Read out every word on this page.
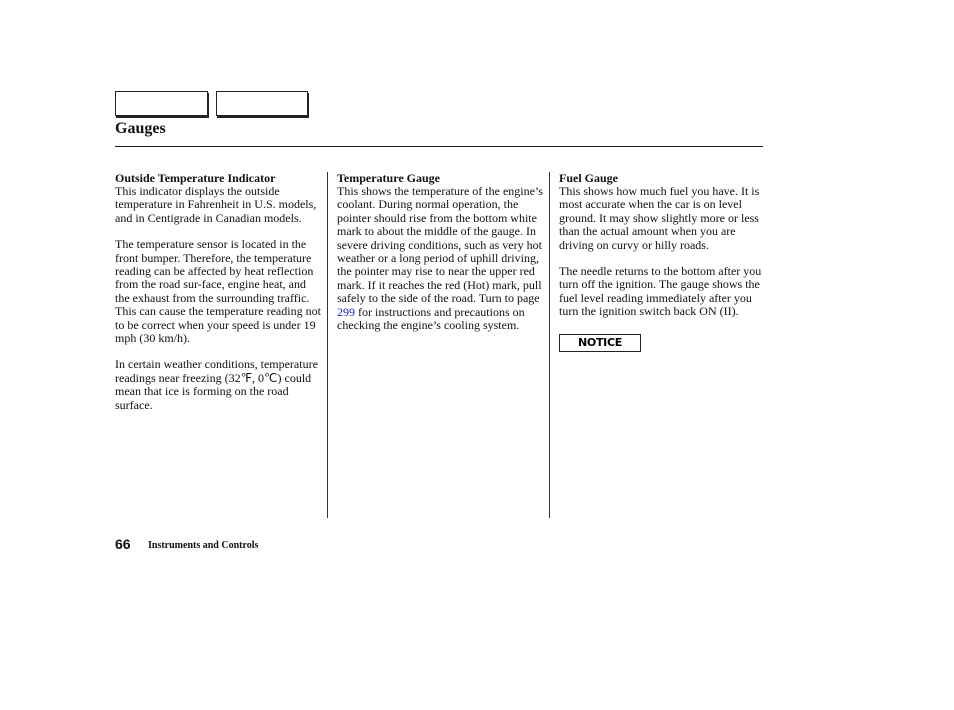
Gauges
Outside Temperature Indicator

This indicator displays the outside temperature in Fahrenheit in U.S. models, and in Centigrade in Canadian models.

The temperature sensor is located in the front bumper. Therefore, the temperature reading can be affected by heat reflection from the road sur-face, engine heat, and the exhaust from the surrounding traffic. This can cause the temperature reading not to be correct when your speed is under 19 mph (30 km/h).

In certain weather conditions, temperature readings near freezing (32℉, 0℃) could mean that ice is forming on the road surface.

Temperature Gauge

This shows the temperature of the engine’s coolant. During normal operation, the pointer should rise from the bottom white mark to about the middle of the gauge. In severe driving conditions, such as very hot weather or a long period of uphill driving, the pointer may rise to near the upper red mark. If it reaches the red (Hot) mark, pull safely to the side of the road. Turn to page 299 for instructions and precautions on checking the engine’s cooling system.

Fuel Gauge

This shows how much fuel you have. It is most accurate when the car is on level ground. It may show slightly more or less than the actual amount when you are driving on curvy or hilly roads.

The needle returns to the bottom after you turn off the ignition. The gauge shows the fuel level reading immediately after you turn the ignition switch back ON (II).

NOTICE
66 Instruments and Controls
